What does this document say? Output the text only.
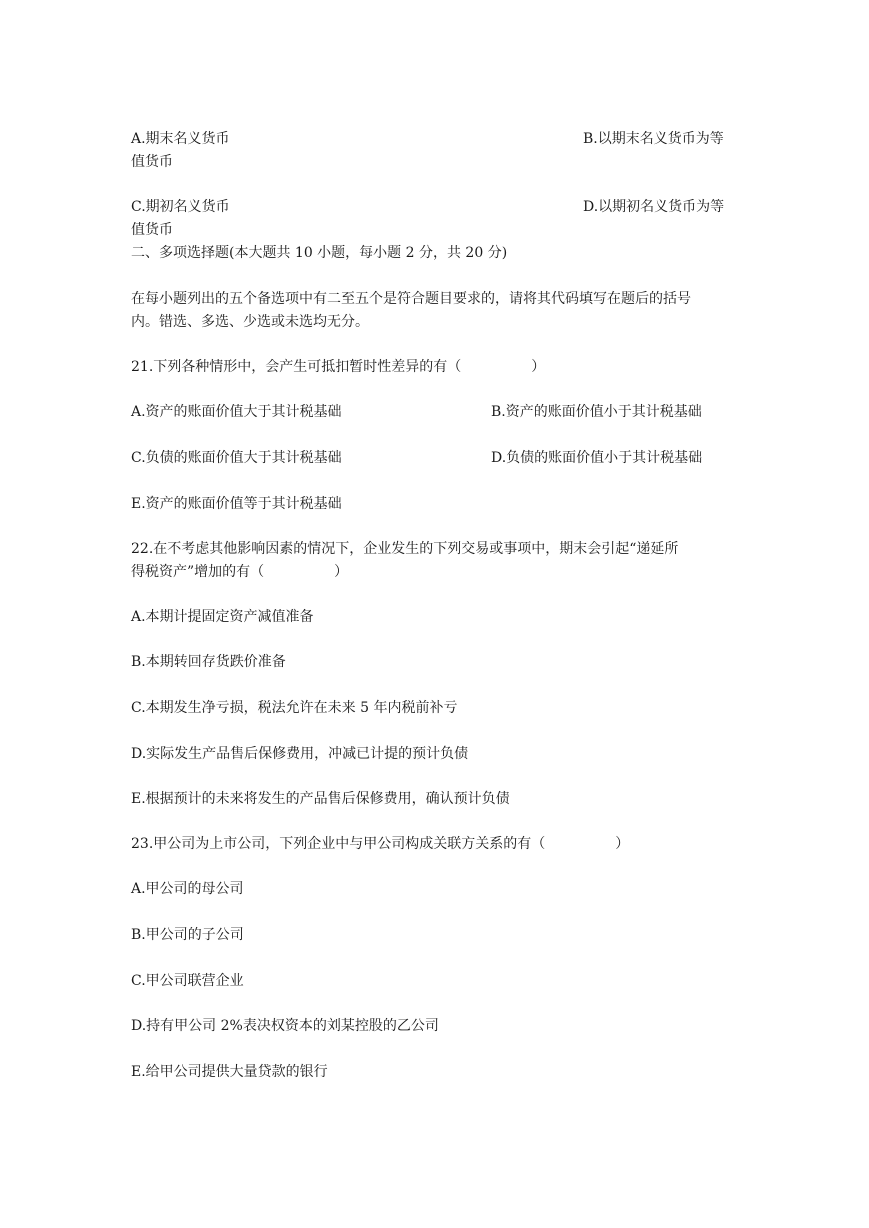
A.期末名义货币	B.以期末名义货币为等
值货币
C.期初名义货币	D.以期初名义货币为等
值货币
二、多项选择题(本大题共 10 小题，每小题 2 分，共 20 分)
在每小题列出的五个备选项中有二至五个是符合题目要求的，请将其代码填写在题后的括号
内。错选、多选、少选或未选均无分。
21.下列各种情形中，会产生可抵扣暂时性差异的有（　　　　　）
A.资产的账面价值大于其计税基础	B.资产的账面价值小于其计税基础
C.负债的账面价值大于其计税基础	D.负债的账面价值小于其计税基础
E.资产的账面价值等于其计税基础
22.在不考虑其他影响因素的情况下，企业发生的下列交易或事项中，期末会引起“递延所
得税资产”增加的有（　　　　　）
A.本期计提固定资产减值准备
B.本期转回存货跌价准备
C.本期发生净亏损，税法允许在未来 5 年内税前补亏
D.实际发生产品售后保修费用，冲减已计提的预计负债
E.根据预计的未来将发生的产品售后保修费用，确认预计负债
23.甲公司为上市公司，下列企业中与甲公司构成关联方关系的有（　　　　　）
A.甲公司的母公司
B.甲公司的子公司
C.甲公司联营企业
D.持有甲公司 2%表决权资本的刘某控股的乙公司
E.给甲公司提供大量贷款的银行
